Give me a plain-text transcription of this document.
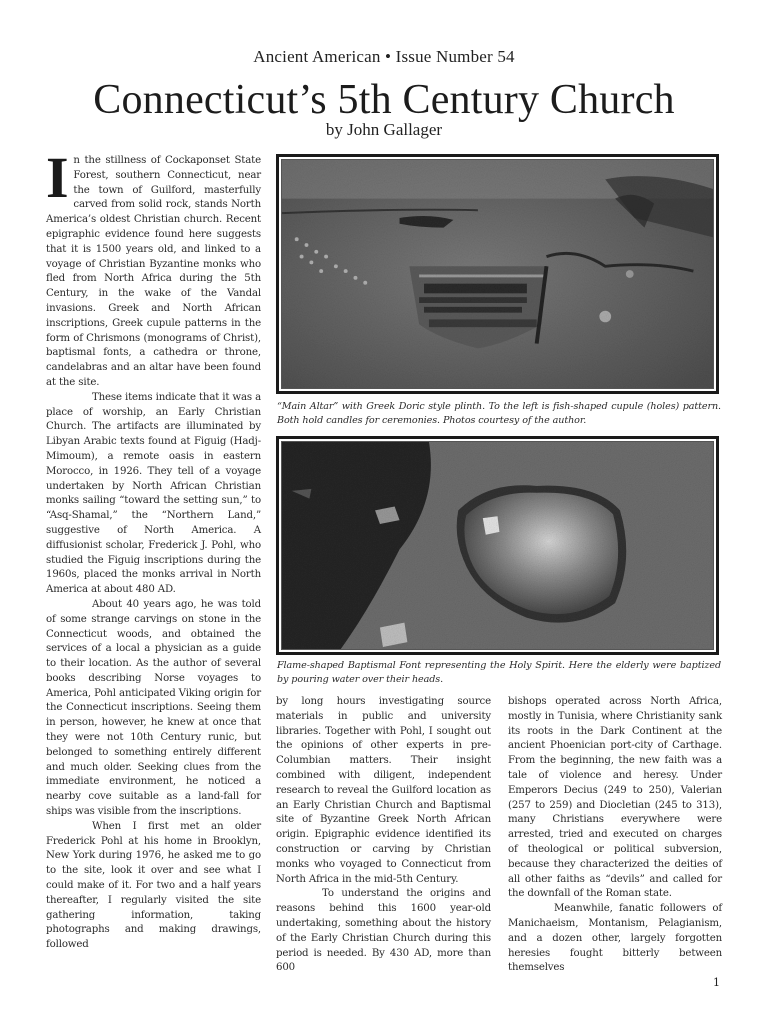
Ancient American • Issue Number 54
Connecticut’s 5th Century Church
by John Gallager

In the stillness of Cockaponset State Forest, southern Connecticut, near the town of Guilford, masterfully carved from solid rock, stands North America’s oldest Christian church. Recent epigraphic evidence found here suggests that it is 1500 years old, and linked to a voyage of Christian Byzantine monks who fled from North Africa during the 5th Century, in the wake of the Vandal invasions. Greek and North African inscriptions, Greek cupule patterns in the form of Chrismons (monograms of Christ), baptismal fonts, a cathedra or throne, candelabras and an altar have been found at the site.

These items indicate that it was a place of worship, an Early Christian Church. The artifacts are illuminated by Libyan Arabic texts found at Figuig (Hadj-Mimoum), a remote oasis in eastern Morocco, in 1926. They tell of a voyage undertaken by North African Christian monks sailing “toward the setting sun,” to “Asq-Shamal,” the “Northern Land,” suggestive of North America. A diffusionist scholar, Frederick J. Pohl, who studied the Figuig inscriptions during the 1960s, placed the monks arrival in North America at about 480 AD.

About 40 years ago, he was told of some strange carvings on stone in the Connecticut woods, and obtained the services of a local a physician as a guide to their location. As the author of several books describing Norse voyages to America, Pohl anticipated Viking origin for the Connecticut inscriptions. Seeing them in person, however, he knew at once that they were not 10th Century runic, but belonged to something entirely different and much older. Seeking clues from the immediate environment, he noticed a nearby cove suitable as a land-fall for ships was visible from the inscriptions.

When I first met an older Frederick Pohl at his home in Brooklyn, New York during 1976, he asked me to go to the site, look it over and see what I could make of it. For two and a half years thereafter, I regularly visited the site gathering information, taking photographs and making drawings, followed

“Main Altar” with Greek Doric style plinth. To the left is fish-shaped cupule (holes) pattern. Both hold candles for ceremonies. Photos courtesy of the author.
Flame-shaped Baptismal Font representing the Holy Spirit. Here the elderly were baptized by pouring water over their heads.

by long hours investigating source materials in public and university libraries. Together with Pohl, I sought out the opinions of other experts in pre-Columbian matters. Their insight combined with diligent, independent research to reveal the Guilford location as an Early Christian Church and Baptismal site of Byzantine Greek North African origin. Epigraphic evidence identified its construction or carving by Christian monks who voyaged to Connecticut from North Africa in the mid-5th Century.

To understand the origins and reasons behind this 1600 year-old undertaking, something about the history of the Early Christian Church during this period is needed. By 430 AD, more than 600

bishops operated across North Africa, mostly in Tunisia, where Christianity sank its roots in the Dark Continent at the ancient Phoenician port-city of Carthage. From the beginning, the new faith was a tale of violence and heresy. Under Emperors Decius (249 to 250), Valerian (257 to 259) and Diocletian (245 to 313), many Christians everywhere were arrested, tried and executed on charges of theological or political subversion, because they characterized the deities of all other faiths as “devils” and called for the downfall of the Roman state.

Meanwhile, fanatic followers of Manichaeism, Montanism, Pelagianism, and a dozen other, largely forgotten heresies fought bitterly between themselves

1
